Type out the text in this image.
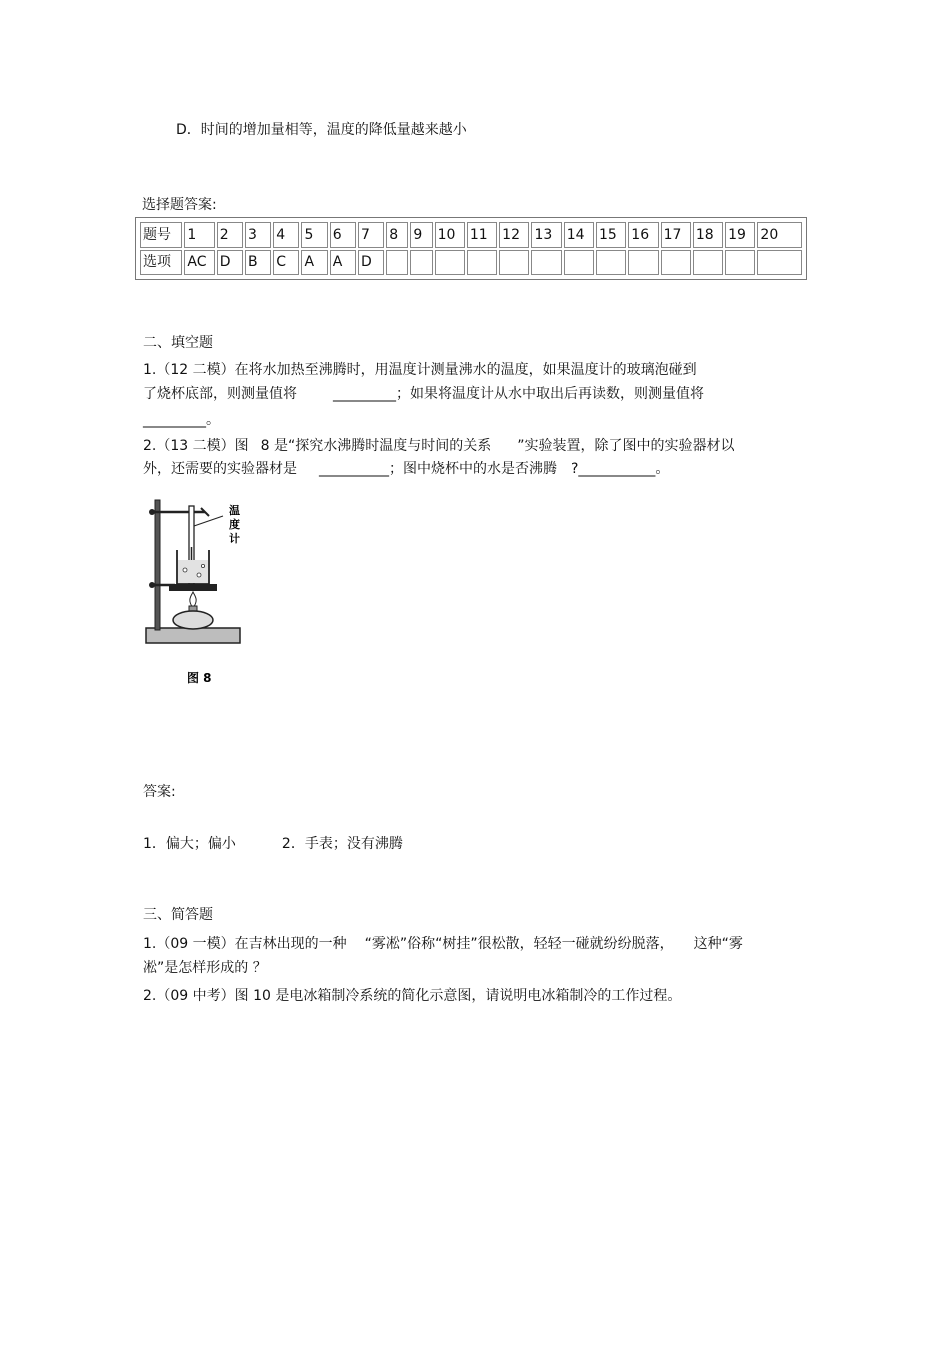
D．时间的增加量相等，温度的降低量越来越小
选择题答案:
题号	1	2	3	4	5	6	7	8	9	10	11	12	13	14	15	16	17	18	19	20
选项	AC	D	B	C	A	A	D													
二、填空题
1.（12 二模）在将水加热至沸腾时，用温度计测量沸水的温度，如果温度计的玻璃泡碰到
了烧杯底部，则测量值将	_________；如果将温度计从水中取出后再读数，则测量值将
_________。
2.（13 二模）图 8 是“探究水沸腾时温度与时间的关系 ”实验装置，除了图中的实验器材以
外，还需要的实验器材是 __________；图中烧杯中的水是否沸腾 ?___________。
温
度
计
图 8
答案:
1．偏大；偏小	2．手表；没有沸腾
三、简答题
1.（09 一模）在吉林出现的一种 “雾凇”俗称“树挂”很松散，轻轻一碰就纷纷脱落， 这种“雾
凇”是怎样形成的 ？
2.（09 中考）图 10 是电冰箱制冷系统的简化示意图，请说明电冰箱制冷的工作过程。
